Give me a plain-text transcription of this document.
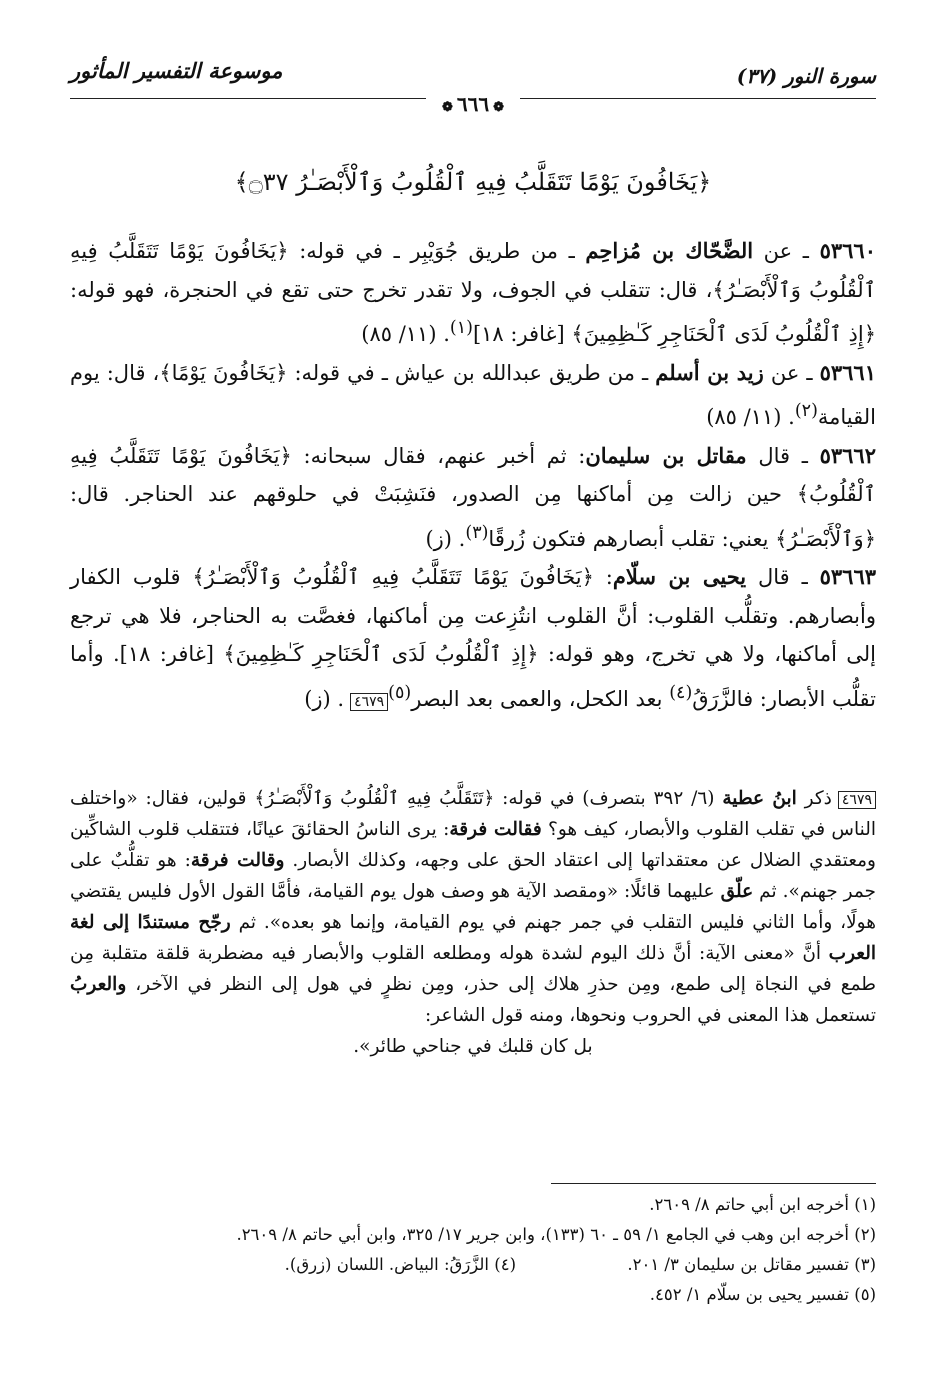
سورة النور (٣٧)
موسوعة التفسير المأثور
❁٦٦٦❁
﴿يَخَافُونَ يَوْمًا تَتَقَلَّبُ فِيهِ ٱلْقُلُوبُ وَٱلْأَبْصَـٰرُ ۝٣٧﴾

٥٣٦٦٠ ـ عن الضَّحّاك بن مُزاحِم ـ من طريق جُوَيْبِر ـ في قوله: ﴿يَخَافُونَ يَوْمًا تَتَقَلَّبُ فِيهِ ٱلْقُلُوبُ وَٱلْأَبْصَـٰرُ﴾، قال: تتقلب في الجوف، ولا تقدر تخرج حتى تقع في الحنجرة، فهو قوله: ﴿إِذِ ٱلْقُلُوبُ لَدَى ٱلْحَنَاجِرِ كَـٰظِمِينَ﴾ [غافر: ١٨]$^{(١)}$. (١١/ ٨٥)

٥٣٦٦١ ـ عن زيد بن أسلم ـ من طريق عبدالله بن عياش ـ في قوله: ﴿يَخَافُونَ يَوْمًا﴾، قال: يوم القيامة$^{(٢)}$. (١١/ ٨٥)

٥٣٦٦٢ ـ قال مقاتل بن سليمان: ثم أخبر عنهم، فقال سبحانه: ﴿يَخَافُونَ يَوْمًا تَتَقَلَّبُ فِيهِ ٱلْقُلُوبُ﴾ حين زالت مِن أماكنها مِن الصدور، فنَشِبَتْ في حلوقهم عند الحناجر. قال: ﴿وَٱلْأَبْصَـٰرُ﴾ يعني: تقلب أبصارهم فتكون زُرقًا$^{(٣)}$. (ز)

٥٣٦٦٣ ـ قال يحيى بن سلّام: ﴿يَخَافُونَ يَوْمًا تَتَقَلَّبُ فِيهِ ٱلْقُلُوبُ وَٱلْأَبْصَـٰرُ﴾ قلوب الكفار وأبصارهم. وتقلُّب القلوب: أنَّ القلوب انتُزِعت مِن أماكنها، فغصَّت به الحناجر، فلا هي ترجع إلى أماكنها، ولا هي تخرج، وهو قوله: ﴿إِذِ ٱلْقُلُوبُ لَدَى ٱلْحَنَاجِرِ كَـٰظِمِينَ﴾ [غافر: ١٨]. وأما تقلُّب الأبصار: فالزَّرَقُ$^{(٤)}$ بعد الكحل، والعمى بعد البصر$^{(٥)}$٤٦٧٩. (ز)

٤٦٧٩ذكر ابنُ عطية (٦/ ٣٩٢ بتصرف) في قوله: ﴿تَتَقَلَّبُ فِيهِ ٱلْقُلُوبُ وَٱلْأَبْصَـٰرُ﴾ قولين، فقال: «واختلف الناس في تقلب القلوب والأبصار، كيف هو؟ فقالت فرقة: يرى الناسُ الحقائقَ عيانًا، فتتقلب قلوب الشاكِّين ومعتقدي الضلال عن معتقداتها إلى اعتقاد الحق على وجهه، وكذلك الأبصار. وقالت فرقة: هو تقلُّبٌ على جمر جهنم». ثم علّق عليهما قائلًا: «ومقصد الآية هو وصف هول يوم القيامة، فأمَّا القول الأول فليس يقتضي هولًا، وأما الثاني فليس التقلب في جمر جهنم في يوم القيامة، وإنما هو بعده». ثم رجّح مستندًا إلى لغة العرب أنَّ «معنى الآية: أنَّ ذلك اليوم لشدة هوله ومطلعه القلوب والأبصار فيه مضطربة قلقة متقلبة مِن طمع في النجاة إلى طمع، ومِن حذرِ هلاك إلى حذر، ومِن نظرٍ في هول إلى النظر في الآخر، والعربُ تستعمل هذا المعنى في الحروب ونحوها، ومنه قول الشاعر:

بل كان قلبك في جناحي طائر».

(١) أخرجه ابن أبي حاتم ٨/ ٢٦٠٩.
(٢) أخرجه ابن وهب في الجامع ١/ ٥٩ ـ ٦٠ (١٣٣)، وابن جرير ١٧/ ٣٢٥، وابن أبي حاتم ٨/ ٢٦٠٩.
(٣) تفسير مقاتل بن سليمان ٣/ ٢٠١.
(٤) الزَّرَقُ: البياض. اللسان (زرق).
(٥) تفسير يحيى بن سلّام ١/ ٤٥٢.
